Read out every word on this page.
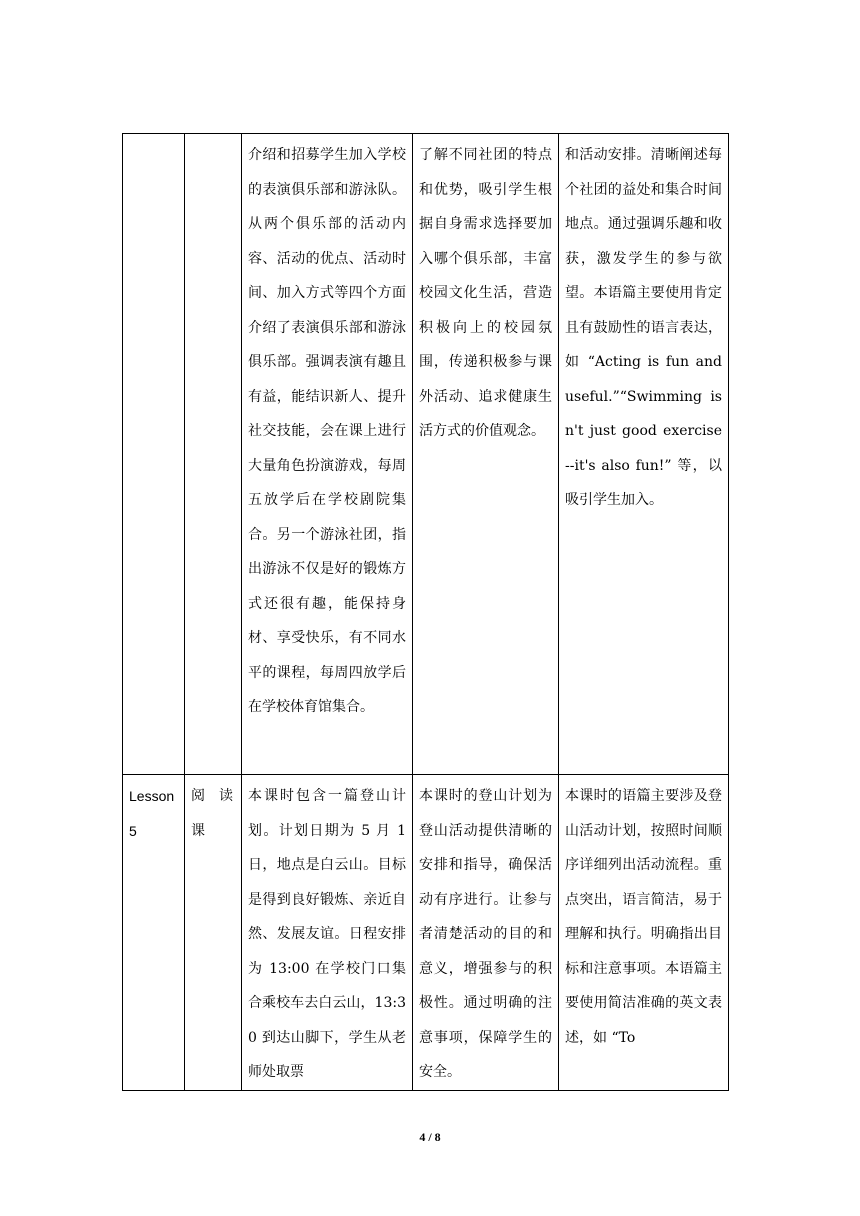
		介绍和招募学生加入学校的表演俱乐部和游泳队。从两个俱乐部的活动内容、活动的优点、活动时间、加入方式等四个方面介绍了表演俱乐部和游泳俱乐部。强调表演有趣且有益，能结识新人、提升社交技能，会在课上进行大量角色扮演游戏，每周五放学后在学校剧院集合。另一个游泳社团，指出游泳不仅是好的锻炼方式还很有趣，能保持身材、享受快乐，有不同水平的课程，每周四放学后在学校体育馆集合。	了解不同社团的特点和优势，吸引学生根据自身需求选择要加入哪个俱乐部，丰富校园文化生活，营造积极向上的校园氛围，传递积极参与课外活动、追求健康生活方式的价值观念。	和活动安排。清晰阐述每个社团的益处和集合时间地点。通过强调乐趣和收获，激发学生的参与欲望。本语篇主要使用肯定且有鼓励性的语言表达，如 “Acting is fun and useful.”“Swimming isn't just good exercise --it's also fun!” 等，以吸引学生加入。
Lesson 5	阅读课	本课时包含一篇登山计划。计划日期为 5 月 1 日，地点是白云山。目标是得到良好锻炼、亲近自然、发展友谊。日程安排为 13:00 在学校门口集合乘校车去白云山，13:30 到达山脚下，学生从老师处取票	本课时的登山计划为登山活动提供清晰的安排和指导，确保活动有序进行。让参与者清楚活动的目的和意义，增强参与的积极性。通过明确的注意事项，保障学生的安全。	本课时的语篇主要涉及登山活动计划，按照时间顺序详细列出活动流程。重点突出，语言简洁，易于理解和执行。明确指出目标和注意事项。本语篇主要使用简洁准确的英文表述，如 “To
4 / 8
